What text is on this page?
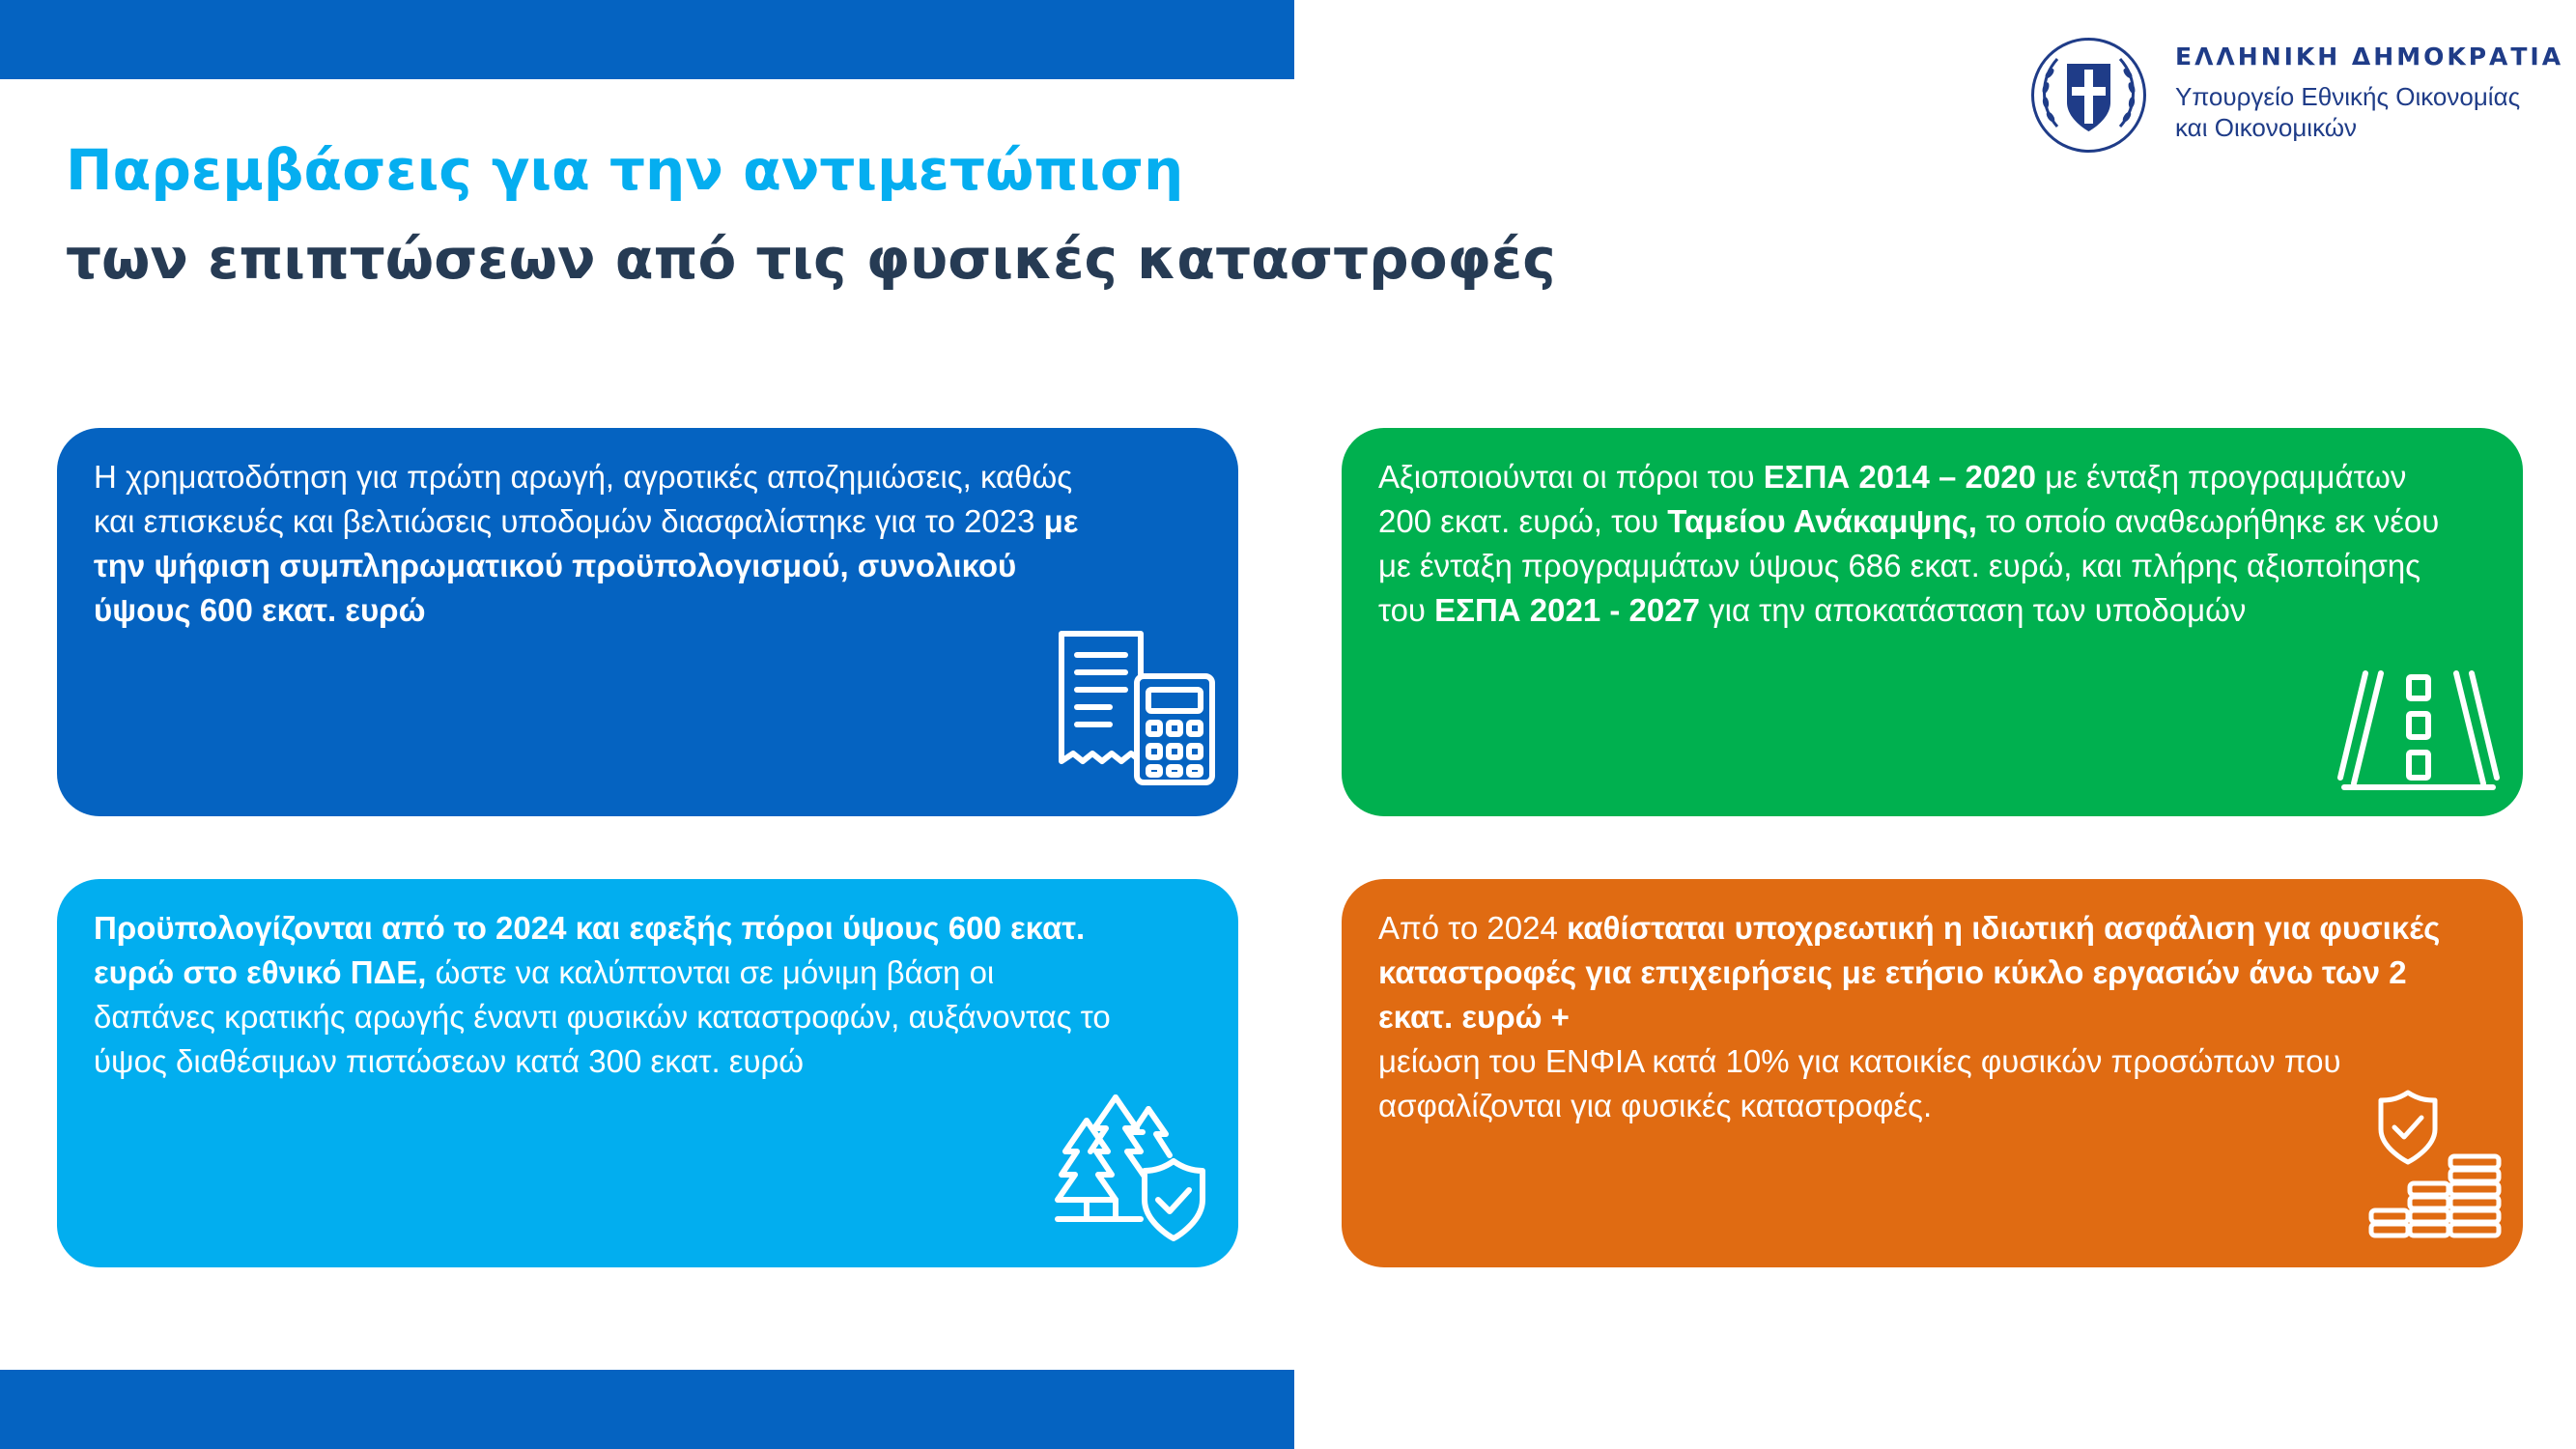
ΕΛΛΗΝΙΚΗ ΔΗΜΟΚΡΑΤΙΑ

Υπουργείο Εθνικής Οικονομίας
και Οικονομικών

Παρεμβάσεις για την αντιμετώπιση
των επιπτώσεων από τις φυσικές καταστροφές

Η χρηματοδότηση για πρώτη αρωγή, αγροτικές αποζημιώσεις, καθώς και επισκευές και βελτιώσεις υποδομών διασφαλίστηκε για το 2023 με την ψήφιση συμπληρωματικού προϋπολογισμού, συνολικού ύψους 600 εκατ. ευρώ

Αξιοποιούνται οι πόροι του ΕΣΠΑ 2014 – 2020 με ένταξη προγραμμάτων 200 εκατ. ευρώ, του Ταμείου Ανάκαμψης, το οποίο αναθεωρήθηκε εκ νέου με ένταξη προγραμμάτων ύψους 686 εκατ. ευρώ, και πλήρης αξιοποίησης του ΕΣΠΑ 2021 - 2027 για την αποκατάσταση των υποδομών

Προϋπολογίζονται από το 2024 και εφεξής πόροι ύψους 600 εκατ. ευρώ στο εθνικό ΠΔΕ, ώστε να καλύπτονται σε μόνιμη βάση οι δαπάνες κρατικής αρωγής έναντι φυσικών καταστροφών, αυξάνοντας το ύψος διαθέσιμων πιστώσεων κατά 300 εκατ. ευρώ

Από το 2024 καθίσταται υποχρεωτική η ιδιωτική ασφάλιση για φυσικές καταστροφές για επιχειρήσεις με ετήσιο κύκλο εργασιών άνω των 2 εκατ. ευρώ +
μείωση του ΕΝΦΙΑ κατά 10% για κατοικίες φυσικών προσώπων που ασφαλίζονται για φυσικές καταστροφές.
